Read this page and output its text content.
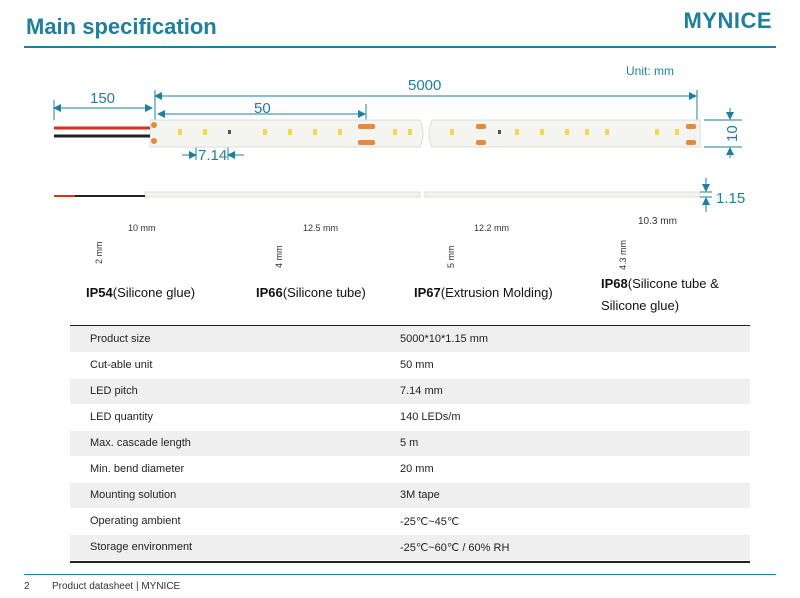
Main specification	MYNICE
Unit: mm
5000
150
50
7.14
10
1.15
10 mm
2 mm
12.5 mm
4 mm
12.2 mm
5 mm
10.3 mm
4.3 mm
IP54(Silicone glue)	IP66(Silicone tube)	IP67(Extrusion Molding)
IP68(Silicone tube & Silicone glue)
Product size	5000*10*1.15 mm
Cut-able unit	50 mm
LED pitch	7.14 mm
LED quantity	140 LEDs/m
Max. cascade length	5 m
Min. bend diameter	20 mm
Mounting solution	3M tape
Operating ambient	-25℃~45℃
Storage environment	-25℃~60℃ / 60% RH
2 Product datasheet | MYNICE
